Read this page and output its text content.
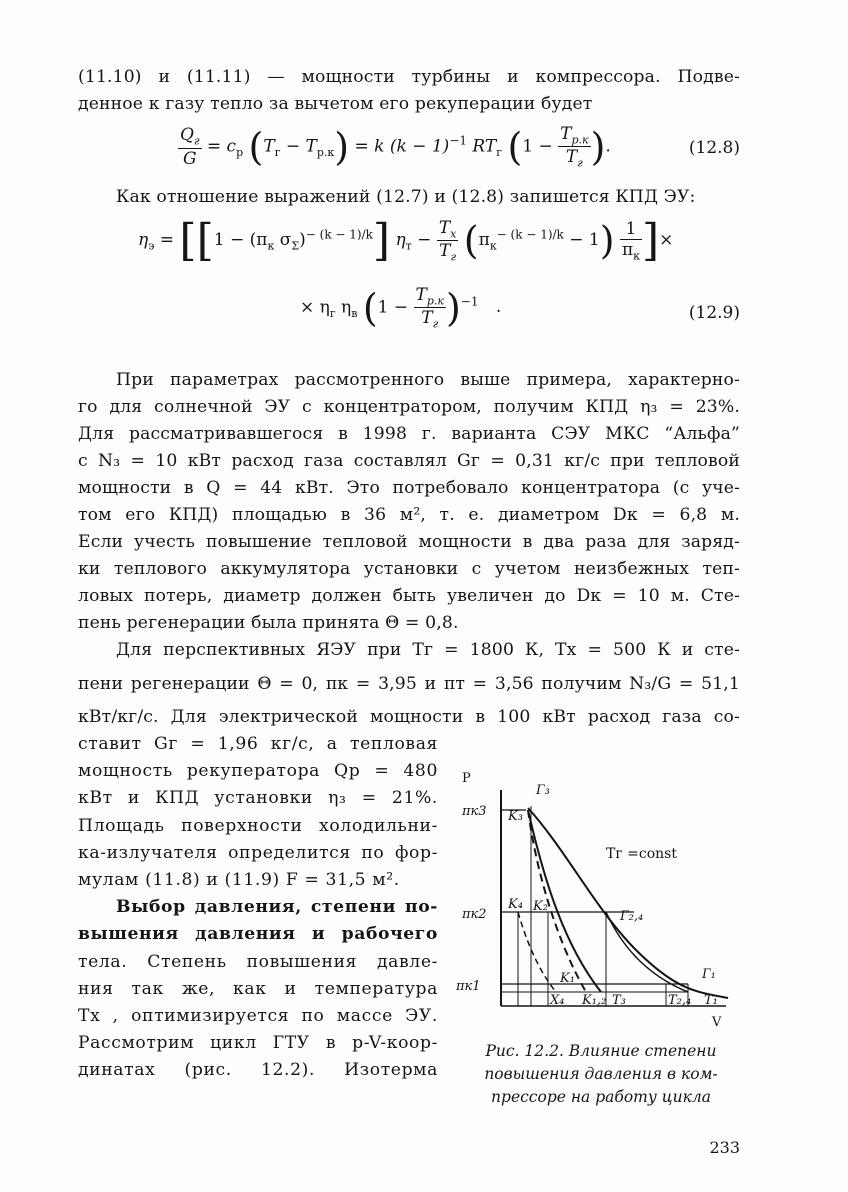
(11.10) и (11.11) — мощности турбины и компрессора. Подве-
денное к газу тепло за вычетом его рекуперации будет
$\frac{Q_г}{G} = c_р$ $(T_г - T_{р.к}) = k$ $(k - 1)^{-1}$ $RT_г$ ($1 - \frac{T_{р.к}}{T_г}$ ).	(12.8)
Как отношение выражений (12.7) и (12.8) запишется КПД ЭУ:
$\eta_э = [[1 - (\pi_к$ $\sigma_\Sigma)^{- (k - 1)/k}$] $\eta_т - \frac{T_х}{T_г} (\pi_к^{- (k - 1)/k} - 1) \frac{1}{\pi_к}$ ]×
× $\eta_г$ $\eta_в$ $(1 - \frac{T_{р.к}}{T_г} )^{-1}$ .	(12.9)
При параметрах рассмотренного выше примера, характерно-
го для солнечной ЭУ с концентратором, получим КПД η₃ = 23%.
Для рассматривавшегося в 1998 г. варианта СЭУ МКС “Альфа”
с N₃ = 10 кВт расход газа составлял Gг = 0,31 кг/с при тепловой
мощности в Q = 44 кВт. Это потребовало концентратора (с уче-
том его КПД) площадью в 36 м², т. е. диаметром Dк = 6,8 м.
Если учесть повышение тепловой мощности в два раза для заряд-
ки теплового аккумулятора установки с учетом неизбежных теп-
ловых потерь, диаметр должен быть увеличен до Dк = 10 м. Сте-
пень регенерации была принята Θ = 0,8.
Для перспективных ЯЭУ при Tг = 1800 К, Tх = 500 К и сте-
пени регенерации Θ = 0, πк = 3,95 и πт = 3,56 получим N₃/G = 51,1
кВт/кг/с. Для электрической мощности в 100 кВт расход газа со-
ставит Gг = 1,96 кг/с, а тепловая
мощность рекуператора Qр = 480
кВт и КПД установки η₃ = 21%.
Площадь поверхности холодильни-
ка-излучателя определится по фор-
мулам (11.8) и (11.9) F = 31,5 м².
Выбор давления, степени по-
вышения давления и рабочего
тела. Степень повышения давле-
ния так же, как и температура
Tх , оптимизируется по массе ЭУ.
Рассмотрим цикл ГТУ в p-V-коор-
динатах (рис. 12.2). Изотерма
P
V
πк3
πк2
πк1
K₃
Г₃
Tг =const
K₄ K₂
Г₂,₄
K₁	Г₁
X₄ K₁,₂ T₃	T₂,₄ T₁
Рис. 12.2. Влияние степени
повышения давления в ком-
прессоре на работу цикла
233
